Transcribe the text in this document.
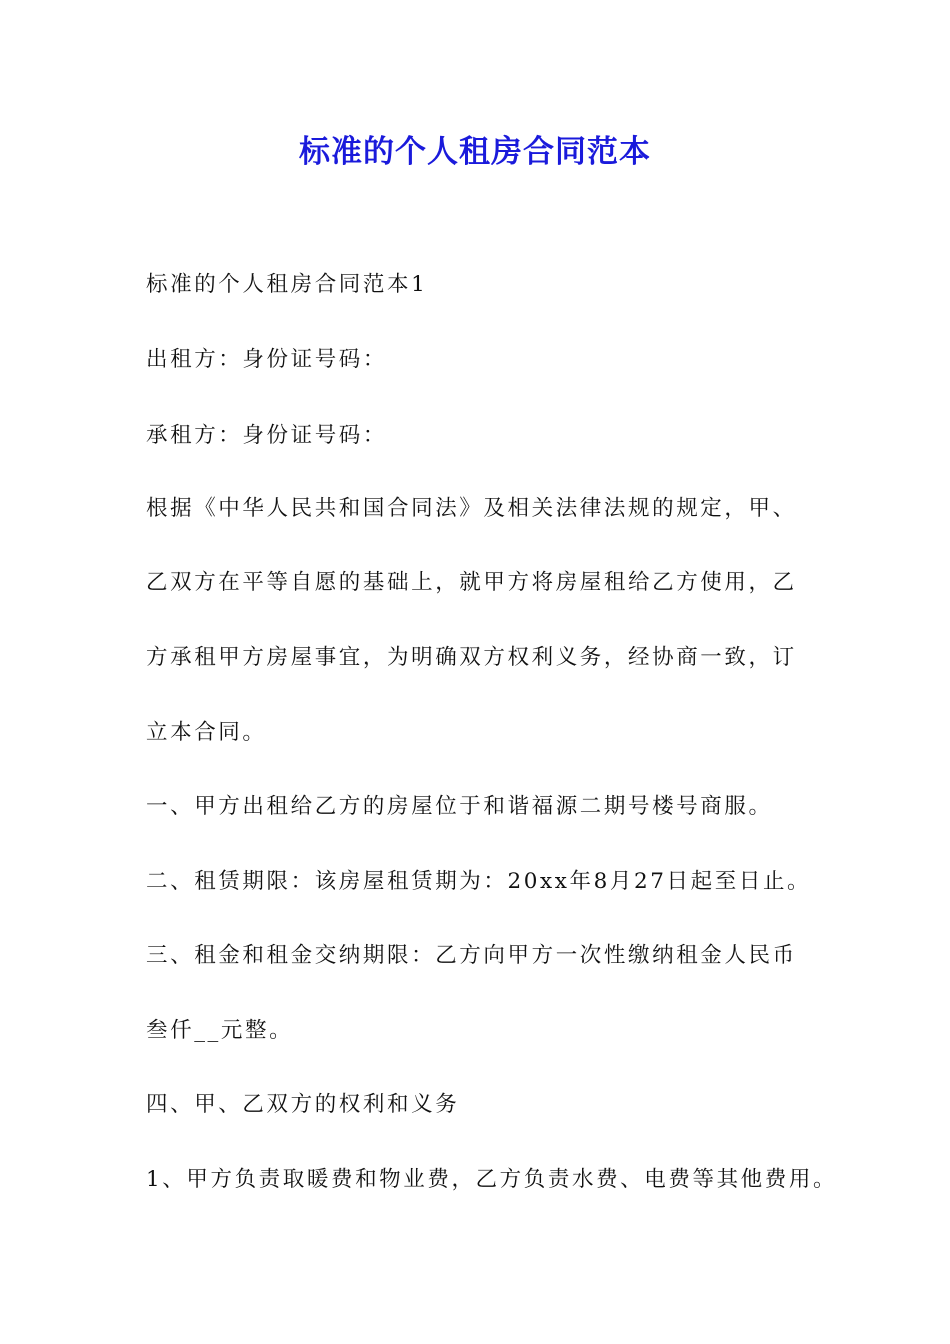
标准的个人租房合同范本

标准的个人租房合同范本1

出租方：身份证号码：

承租方：身份证号码：

根据《中华人民共和国合同法》及相关法律法规的规定，甲、

乙双方在平等自愿的基础上，就甲方将房屋租给乙方使用，乙

方承租甲方房屋事宜，为明确双方权利义务，经协商一致，订

立本合同。

一、甲方出租给乙方的房屋位于和谐福源二期号楼号商服。

二、租赁期限：该房屋租赁期为：20xx年8月27日起至日止。

三、租金和租金交纳期限：乙方向甲方一次性缴纳租金人民币

叁仟__元整。

四、甲、乙双方的权利和义务

1、甲方负责取暖费和物业费，乙方负责水费、电费等其他费用。
